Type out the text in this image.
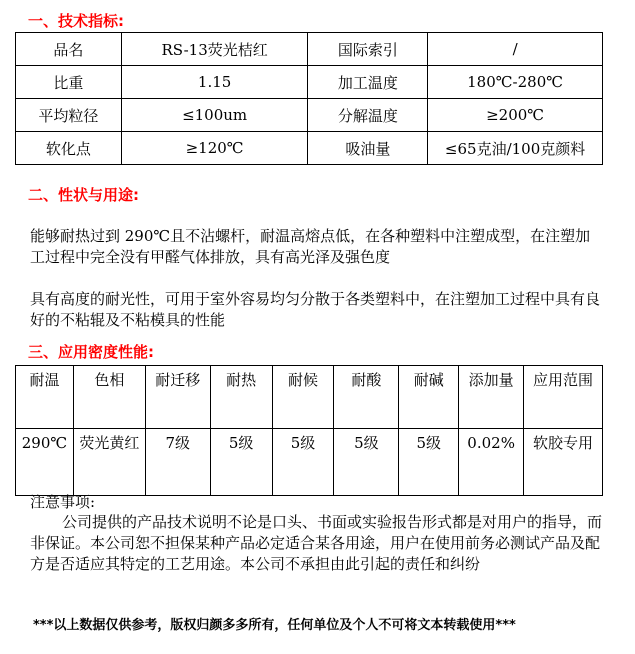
一、技术指标:
品名	RS-13荧光桔红	国际索引	/
比重	1.15	加工温度	180℃-280℃
平均粒径	≤100um	分解温度	≥200℃
软化点	≥120℃	吸油量	≤65克油/100克颜料
二、性状与用途:

能够耐热过到 290℃且不沾螺杆，耐温高熔点低，在各种塑料中注塑成型，在注塑加工过程中完全没有甲醛气体排放，具有高光泽及强色度

具有高度的耐光性，可用于室外容易均匀分散于各类塑料中，在注塑加工过程中具有良好的不粘辊及不粘模具的性能

三、应用密度性能:
耐温	色相	耐迁移	耐热	耐候	耐酸	耐碱	添加量	应用范围
290℃	荧光黄红	7级	5级	5级	5级	5级	0.02%	软胶专用
注意事项:

公司提供的产品技术说明不论是口头、书面或实验报告形式都是对用户的指导，而非保证。本公司恕不担保某种产品必定适合某各用途，用户在使用前务必测试产品及配方是否适应其特定的工艺用途。本公司不承担由此引起的责任和纠纷

***以上数据仅供参考，版权归颜多多所有，任何单位及个人不可将文本转载使用***
